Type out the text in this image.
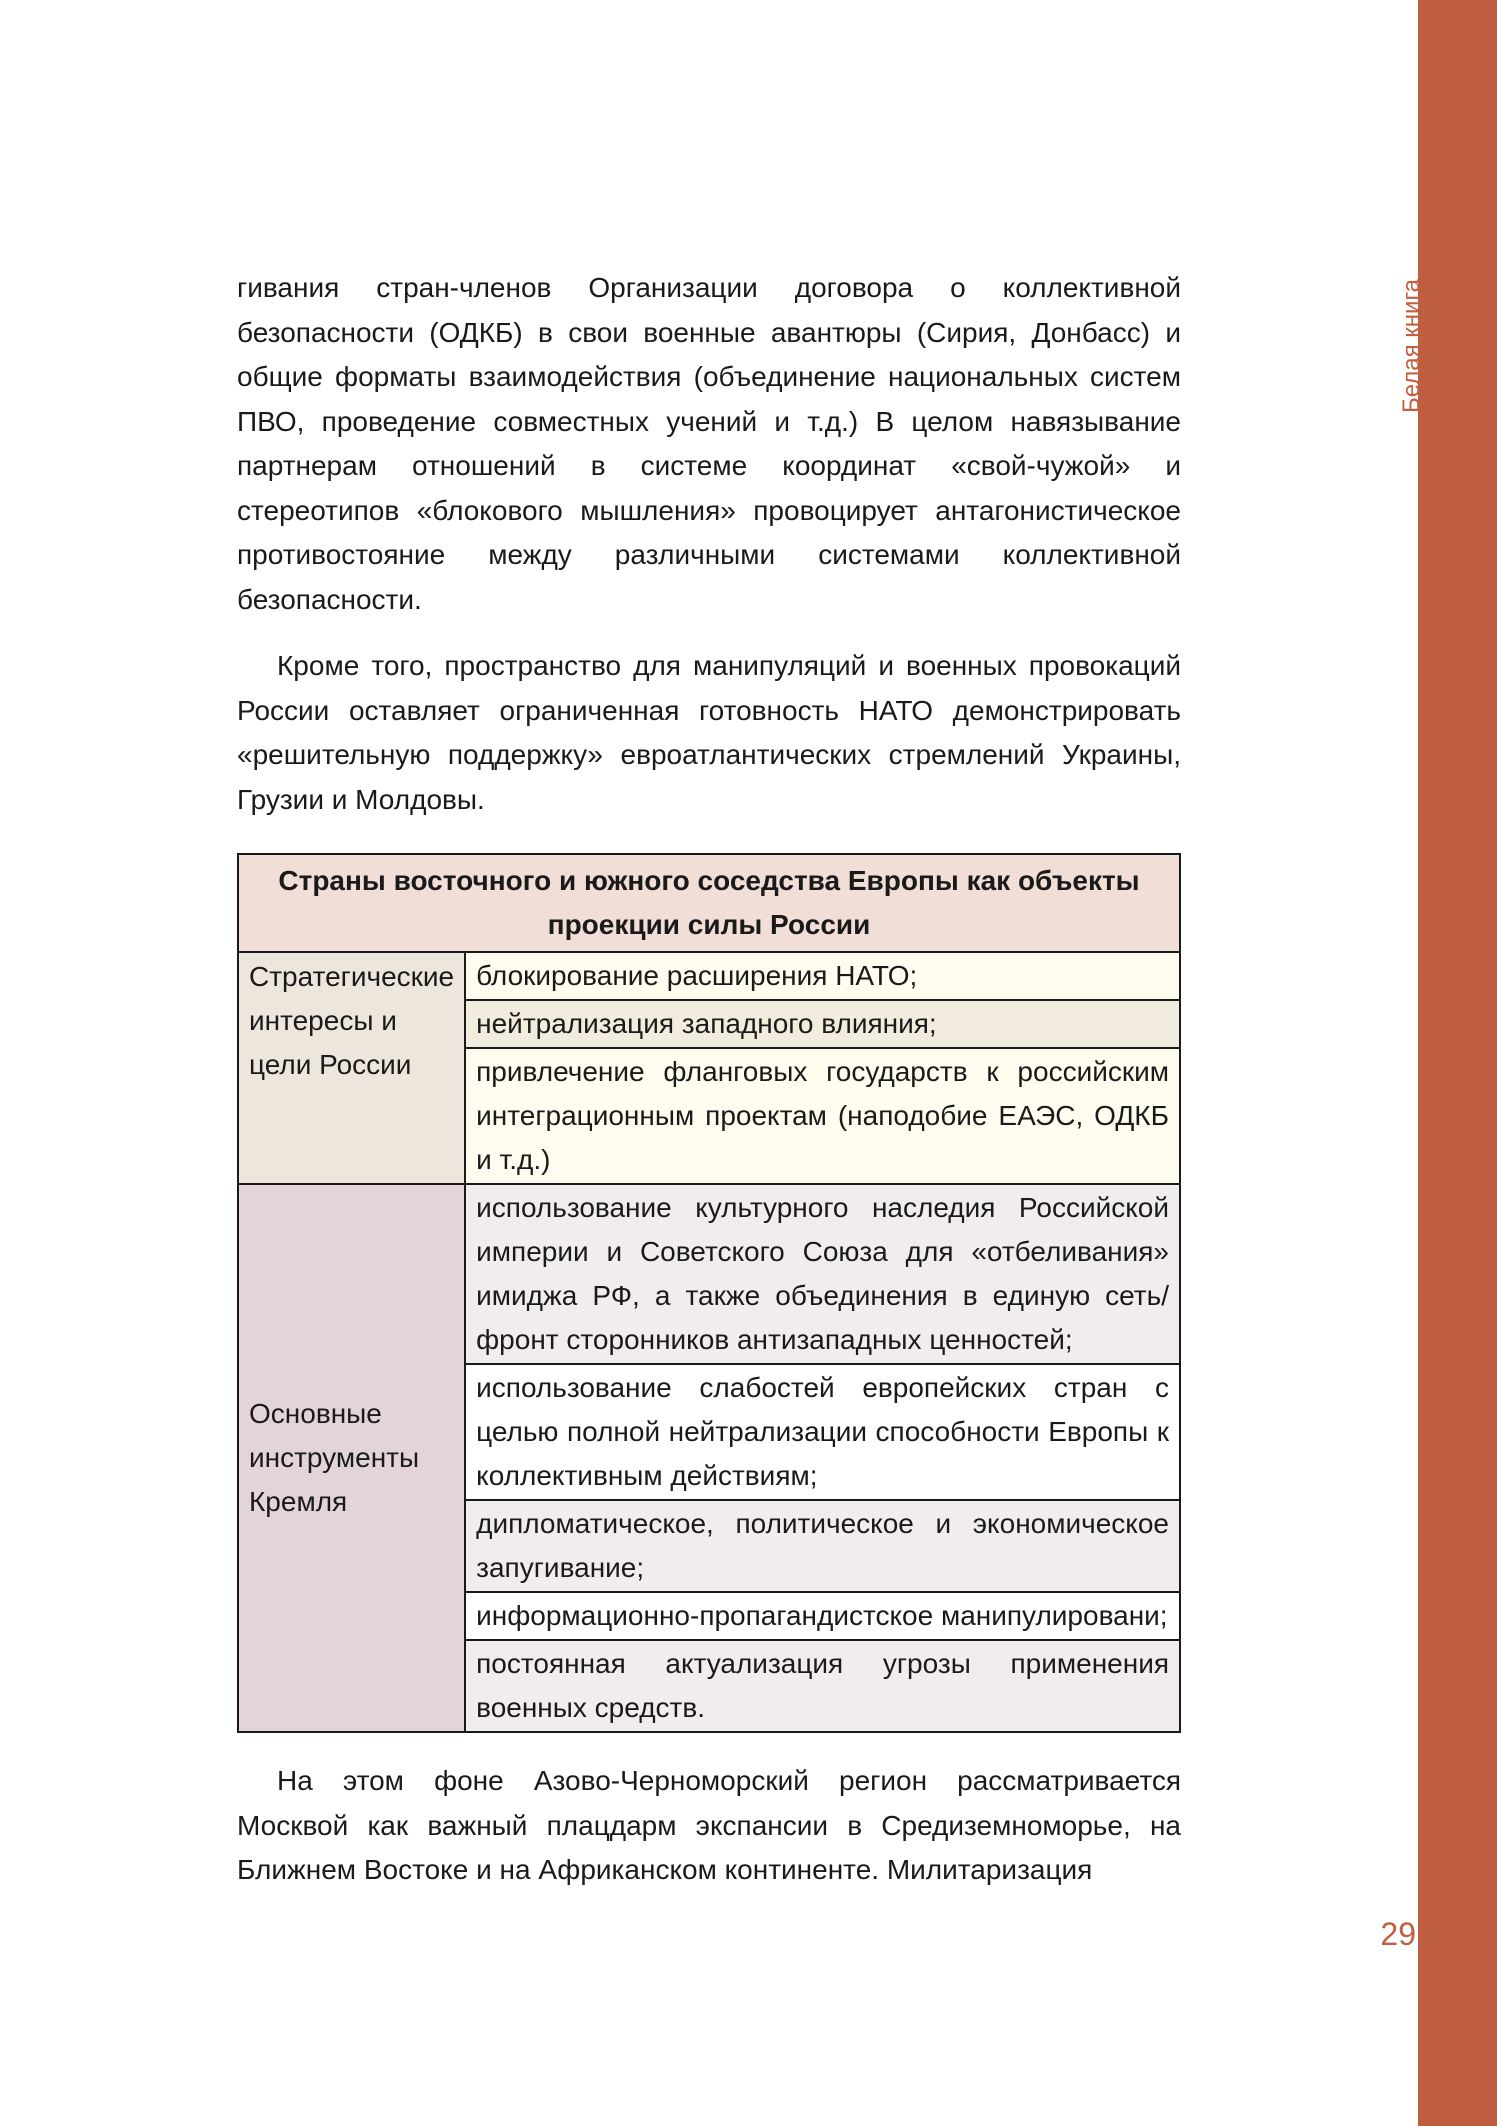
Белая книга
29

гивания стран-членов Организации договора о коллективной безопасности (ОДКБ) в свои военные авантюры (Сирия, Донбасс) и общие форматы взаимодействия (объединение национальных систем ПВО, проведение совместных учений и т.д.) В целом навязывание партнерам отношений в системе координат «свой-чужой» и стереотипов «блокового мышления» провоцирует антагонистическое противостояние между различными системами коллективной безопасности.

Кроме того, пространство для манипуляций и военных провокаций России оставляет ограниченная готовность НАТО демонстрировать «решительную поддержку» евроатлантических стремлений Украины, Грузии и Молдовы.

Страны восточного и южного соседства Европы как объекты проекции силы России	
Стратегические интересы и цели России	блокирование расширения НАТО;
	нейтрализация западного влияния;
	привлечение фланговых государств к российским интеграционным проектам (наподобие ЕАЭС, ОДКБ и т.д.)
Основные инструменты Кремля	использование культурного наследия Российской империи и Советского Союза для «отбеливания» имиджа РФ, а также объединения в единую сеть/фронт сторонников антизападных ценностей;
	использование слабостей европейских стран с целью полной нейтрализации способности Европы к коллективным действиям;
	дипломатическое, политическое и экономическое запугивание;
	информационно-пропагандистское манипулировани;
	постоянная актуализация угрозы применения военных средств.

На этом фоне Азово-Черноморский регион рассматривается Москвой как важный плацдарм экспансии в Средиземноморье, на Ближнем Востоке и на Африканском континенте. Милитаризация
